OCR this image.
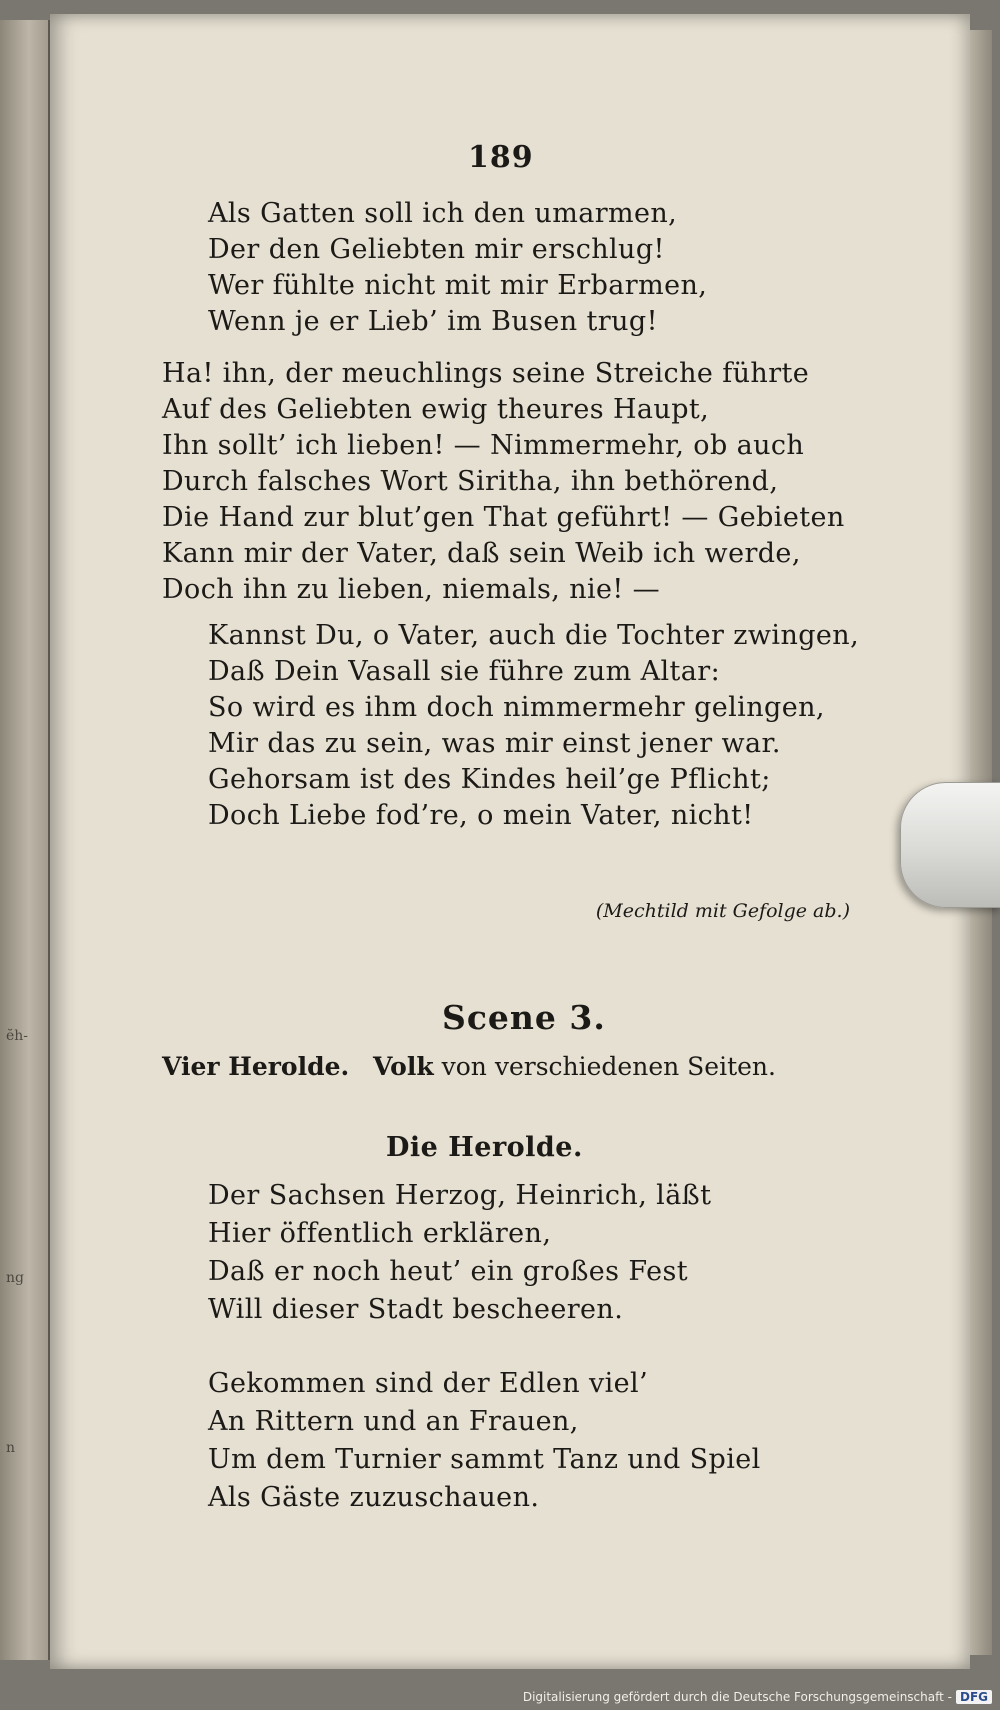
ĕh-
ng
n
189
Als Gatten soll ich den umarmen,
Der den Geliebten mir erschlug!
Wer fühlte nicht mit mir Erbarmen,
Wenn je er Lieb’ im Busen trug!
Ha! ihn, der meuchlings seine Streiche führte
Auf des Geliebten ewig theures Haupt,
Ihn sollt’ ich lieben! — Nimmermehr, ob auch
Durch falsches Wort Siritha, ihn bethörend,
Die Hand zur blut’gen That geführt! — Gebieten
Kann mir der Vater, daß sein Weib ich werde,
Doch ihn zu lieben, niemals, nie! —
Kannst Du, o Vater, auch die Tochter zwingen,
Daß Dein Vasall sie führe zum Altar:
So wird es ihm doch nimmermehr gelingen,
Mir das zu sein, was mir einst jener war.
Gehorsam ist des Kindes heil’ge Pflicht;
Doch Liebe fod’re, o mein Vater, nicht!
(Mechtild mit Gefolge ab.)
Scene 3.
Vier Herolde. Volk von verschiedenen Seiten.
Die Herolde.
Der Sachsen Herzog, Heinrich, läßt
Hier öffentlich erklären,
Daß er noch heut’ ein großes Fest
Will dieser Stadt bescheeren.
Gekommen sind der Edlen viel’
An Rittern und an Frauen,
Um dem Turnier sammt Tanz und Spiel
Als Gäste zuzuschauen.
Digitalisierung gefördert durch die Deutsche Forschungsgemeinschaft - DFG
